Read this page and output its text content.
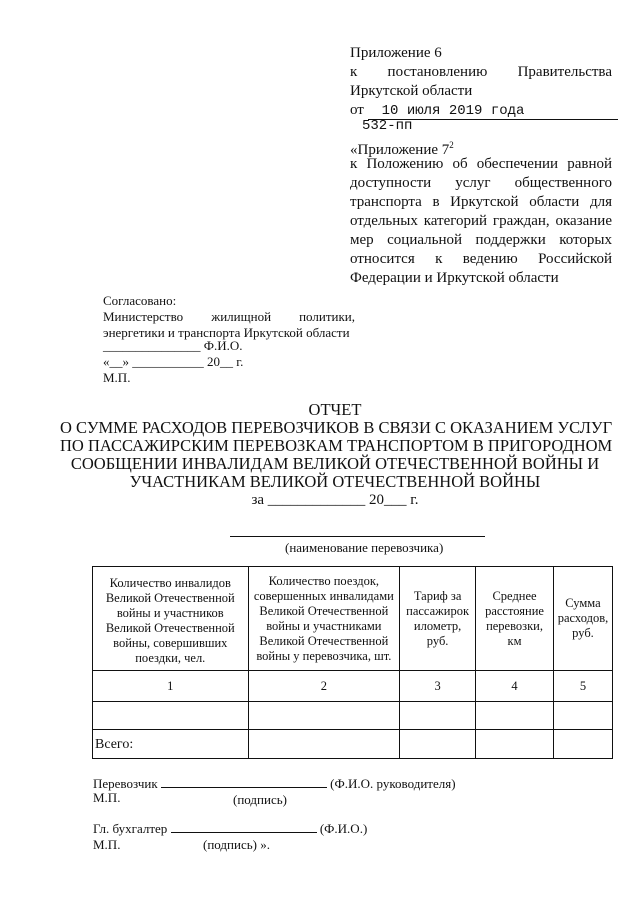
Приложение 6
к постановлению Правительства
Иркутской области
от 10 июля 2019 года
532-пп
«Приложение $7^2$
к Положению об обеспечении равной
доступности услуг общественного
транспорта в Иркутской области для
отдельных категорий граждан, оказание
мер социальной поддержки которых
относится к ведению Российской
Федерации и Иркутской области
Согласовано:
Министерство жилищной политики,
энергетики и транспорта Иркутской области
_______________ Ф.И.О.
«__» ___________ 20__ г.
М.П.
ОТЧЕТ
О СУММЕ РАСХОДОВ ПЕРЕВОЗЧИКОВ В СВЯЗИ С ОКАЗАНИЕМ УСЛУГ
ПО ПАССАЖИРСКИМ ПЕРЕВОЗКАМ ТРАНСПОРТОМ В ПРИГОРОДНОМ
СООБЩЕНИИ ИНВАЛИДАМ ВЕЛИКОЙ ОТЕЧЕСТВЕННОЙ ВОЙНЫ И
УЧАСТНИКАМ ВЕЛИКОЙ ОТЕЧЕСТВЕННОЙ ВОЙНЫ
за _____________ 20___ г.
(наименование перевозчика)
Количество инвалидов Великой Отечественной войны и участников Великой Отечественной войны, совершивших поездки, чел.	Количество поездок, совершенных инвалидами Великой Отечественной войны и участниками Великой Отечественной войны у перевозчика, шт.	Тариф за пассажирок илометр, руб.	Среднее расстояние перевозки, км	Сумма расходов, руб.
1	2	3	4	5

Всего:				
Перевозчик	(Ф.И.О. руководителя)
М.П.	(подпись)
Гл. бухгалтер	(Ф.И.О.)
М.П.	(подпись) ».
